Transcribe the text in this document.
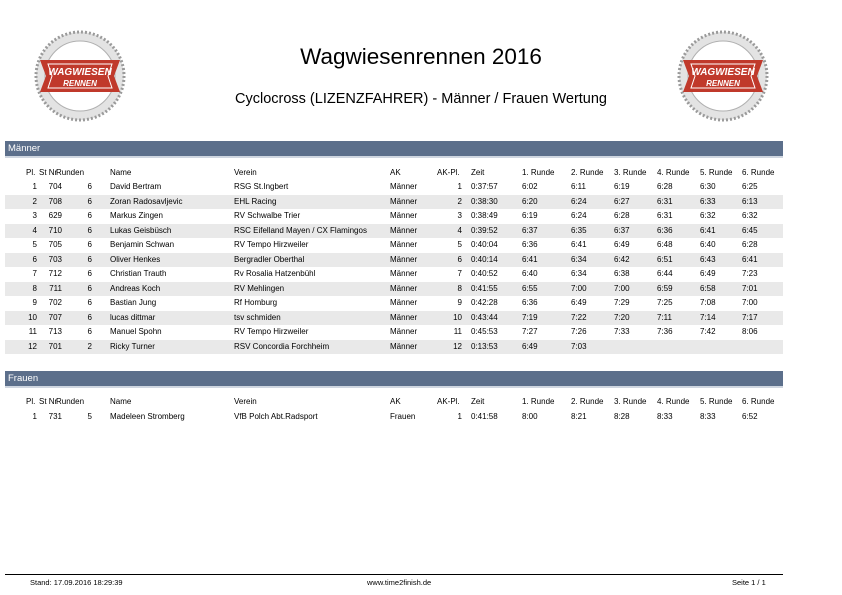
WAGWIESEN
RENNEN
WAGWIESEN
RENNEN
Wagwiesenrennen 2016
Cyclocross (LIZENZFAHRER) - Männer / Frauen Wertung
Männer
Pl. St Nr
Runden	Name	Verein	AK	AK-Pl. Zeit	1. Runde 2. Runde 3. Runde 4. Runde 5. Runde 6. Runde
1 704	6 David Bertram	RSG St.Ingbert	Männer	1 0:37:57	6:02	6:11	6:19	6:28	6:30	6:25
2 708	6 Zoran Radosavljevic	EHL Racing	Männer	2 0:38:30	6:20	6:24	6:27	6:31	6:33	6:13
3 629	6 Markus Zingen	RV Schwalbe Trier	Männer	3 0:38:49	6:19	6:24	6:28	6:31	6:32	6:32
4 710	6 Lukas Geisbüsch	RSC Eifelland Mayen / CX Flamingos	Männer	4 0:39:52	6:37	6:35	6:37	6:36	6:41	6:45
5 705	6 Benjamin Schwan	RV Tempo Hirzweiler	Männer	5 0:40:04	6:36	6:41	6:49	6:48	6:40	6:28
6 703	6 Oliver Henkes	Bergradler Oberthal	Männer	6 0:40:14	6:41	6:34	6:42	6:51	6:43	6:41
7 712	6 Christian Trauth	Rv Rosalia Hatzenbühl	Männer	7 0:40:52	6:40	6:34	6:38	6:44	6:49	7:23
8 711	6 Andreas Koch	RV Mehlingen	Männer	8 0:41:55	6:55	7:00	7:00	6:59	6:58	7:01
9 702	6 Bastian Jung	Rf Homburg	Männer	9 0:42:28	6:36	6:49	7:29	7:25	7:08	7:00
10 707	6 lucas dittmar	tsv schmiden	Männer	10 0:43:44	7:19	7:22	7:20	7:11	7:14	7:17
11 713	6 Manuel Spohn	RV Tempo Hirzweiler	Männer	11 0:45:53	7:27	7:26	7:33	7:36	7:42	8:06
12 701	2 Ricky Turner	RSV Concordia Forchheim	Männer	12 0:13:53	6:49	7:03
Frauen
Pl. St Nr
Runden	Name	Verein	AK	AK-Pl. Zeit	1. Runde 2. Runde 3. Runde 4. Runde 5. Runde 6. Runde
1 731	5 Madeleen Stromberg	VfB Polch Abt.Radsport	Frauen	1 0:41:58	8:00	8:21	8:28	8:33	8:33	6:52
Stand: 17.09.2016 18:29:39	www.time2finish.de	Seite 1 / 1
